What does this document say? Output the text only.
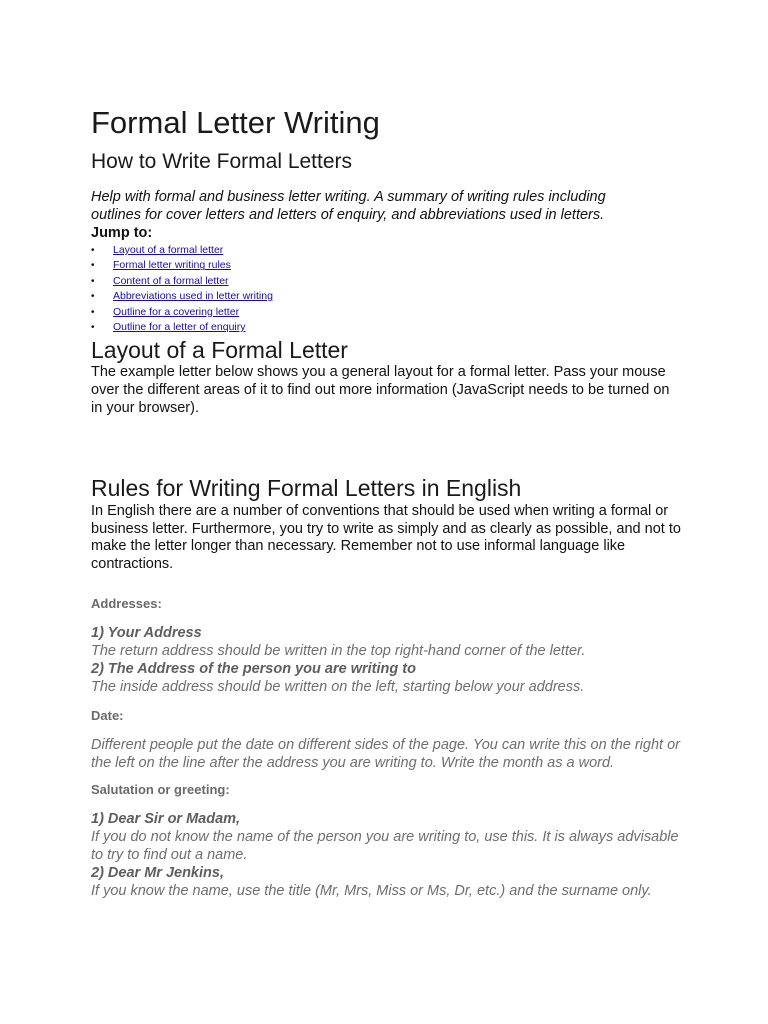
Formal Letter Writing
How to Write Formal Letters

Help with formal and business letter writing. A summary of writing rules including outlines for cover letters and letters of enquiry, and abbreviations used in letters.

Jump to:

• Layout of a formal letter
• Formal letter writing rules
• Content of a formal letter
• Abbreviations used in letter writing
• Outline for a covering letter
• Outline for a letter of enquiry
Layout of a Formal Letter

The example letter below shows you a general layout for a formal letter. Pass your mouse over the different areas of it to find out more information (JavaScript needs to be turned on in your browser).

Rules for Writing Formal Letters in English

In English there are a number of conventions that should be used when writing a formal or business letter. Furthermore, you try to write as simply and as clearly as possible, and not to make the letter longer than necessary. Remember not to use informal language like contractions.

Addresses:

1) Your Address

The return address should be written in the top right-hand corner of the letter.

2) The Address of the person you are writing to

The inside address should be written on the left, starting below your address.

Date:

Different people put the date on different sides of the page. You can write this on the right or the left on the line after the address you are writing to. Write the month as a word.

Salutation or greeting:

1) Dear Sir or Madam,

If you do not know the name of the person you are writing to, use this. It is always advisable to try to find out a name.

2) Dear Mr Jenkins,

If you know the name, use the title (Mr, Mrs, Miss or Ms, Dr, etc.) and the surname only.
